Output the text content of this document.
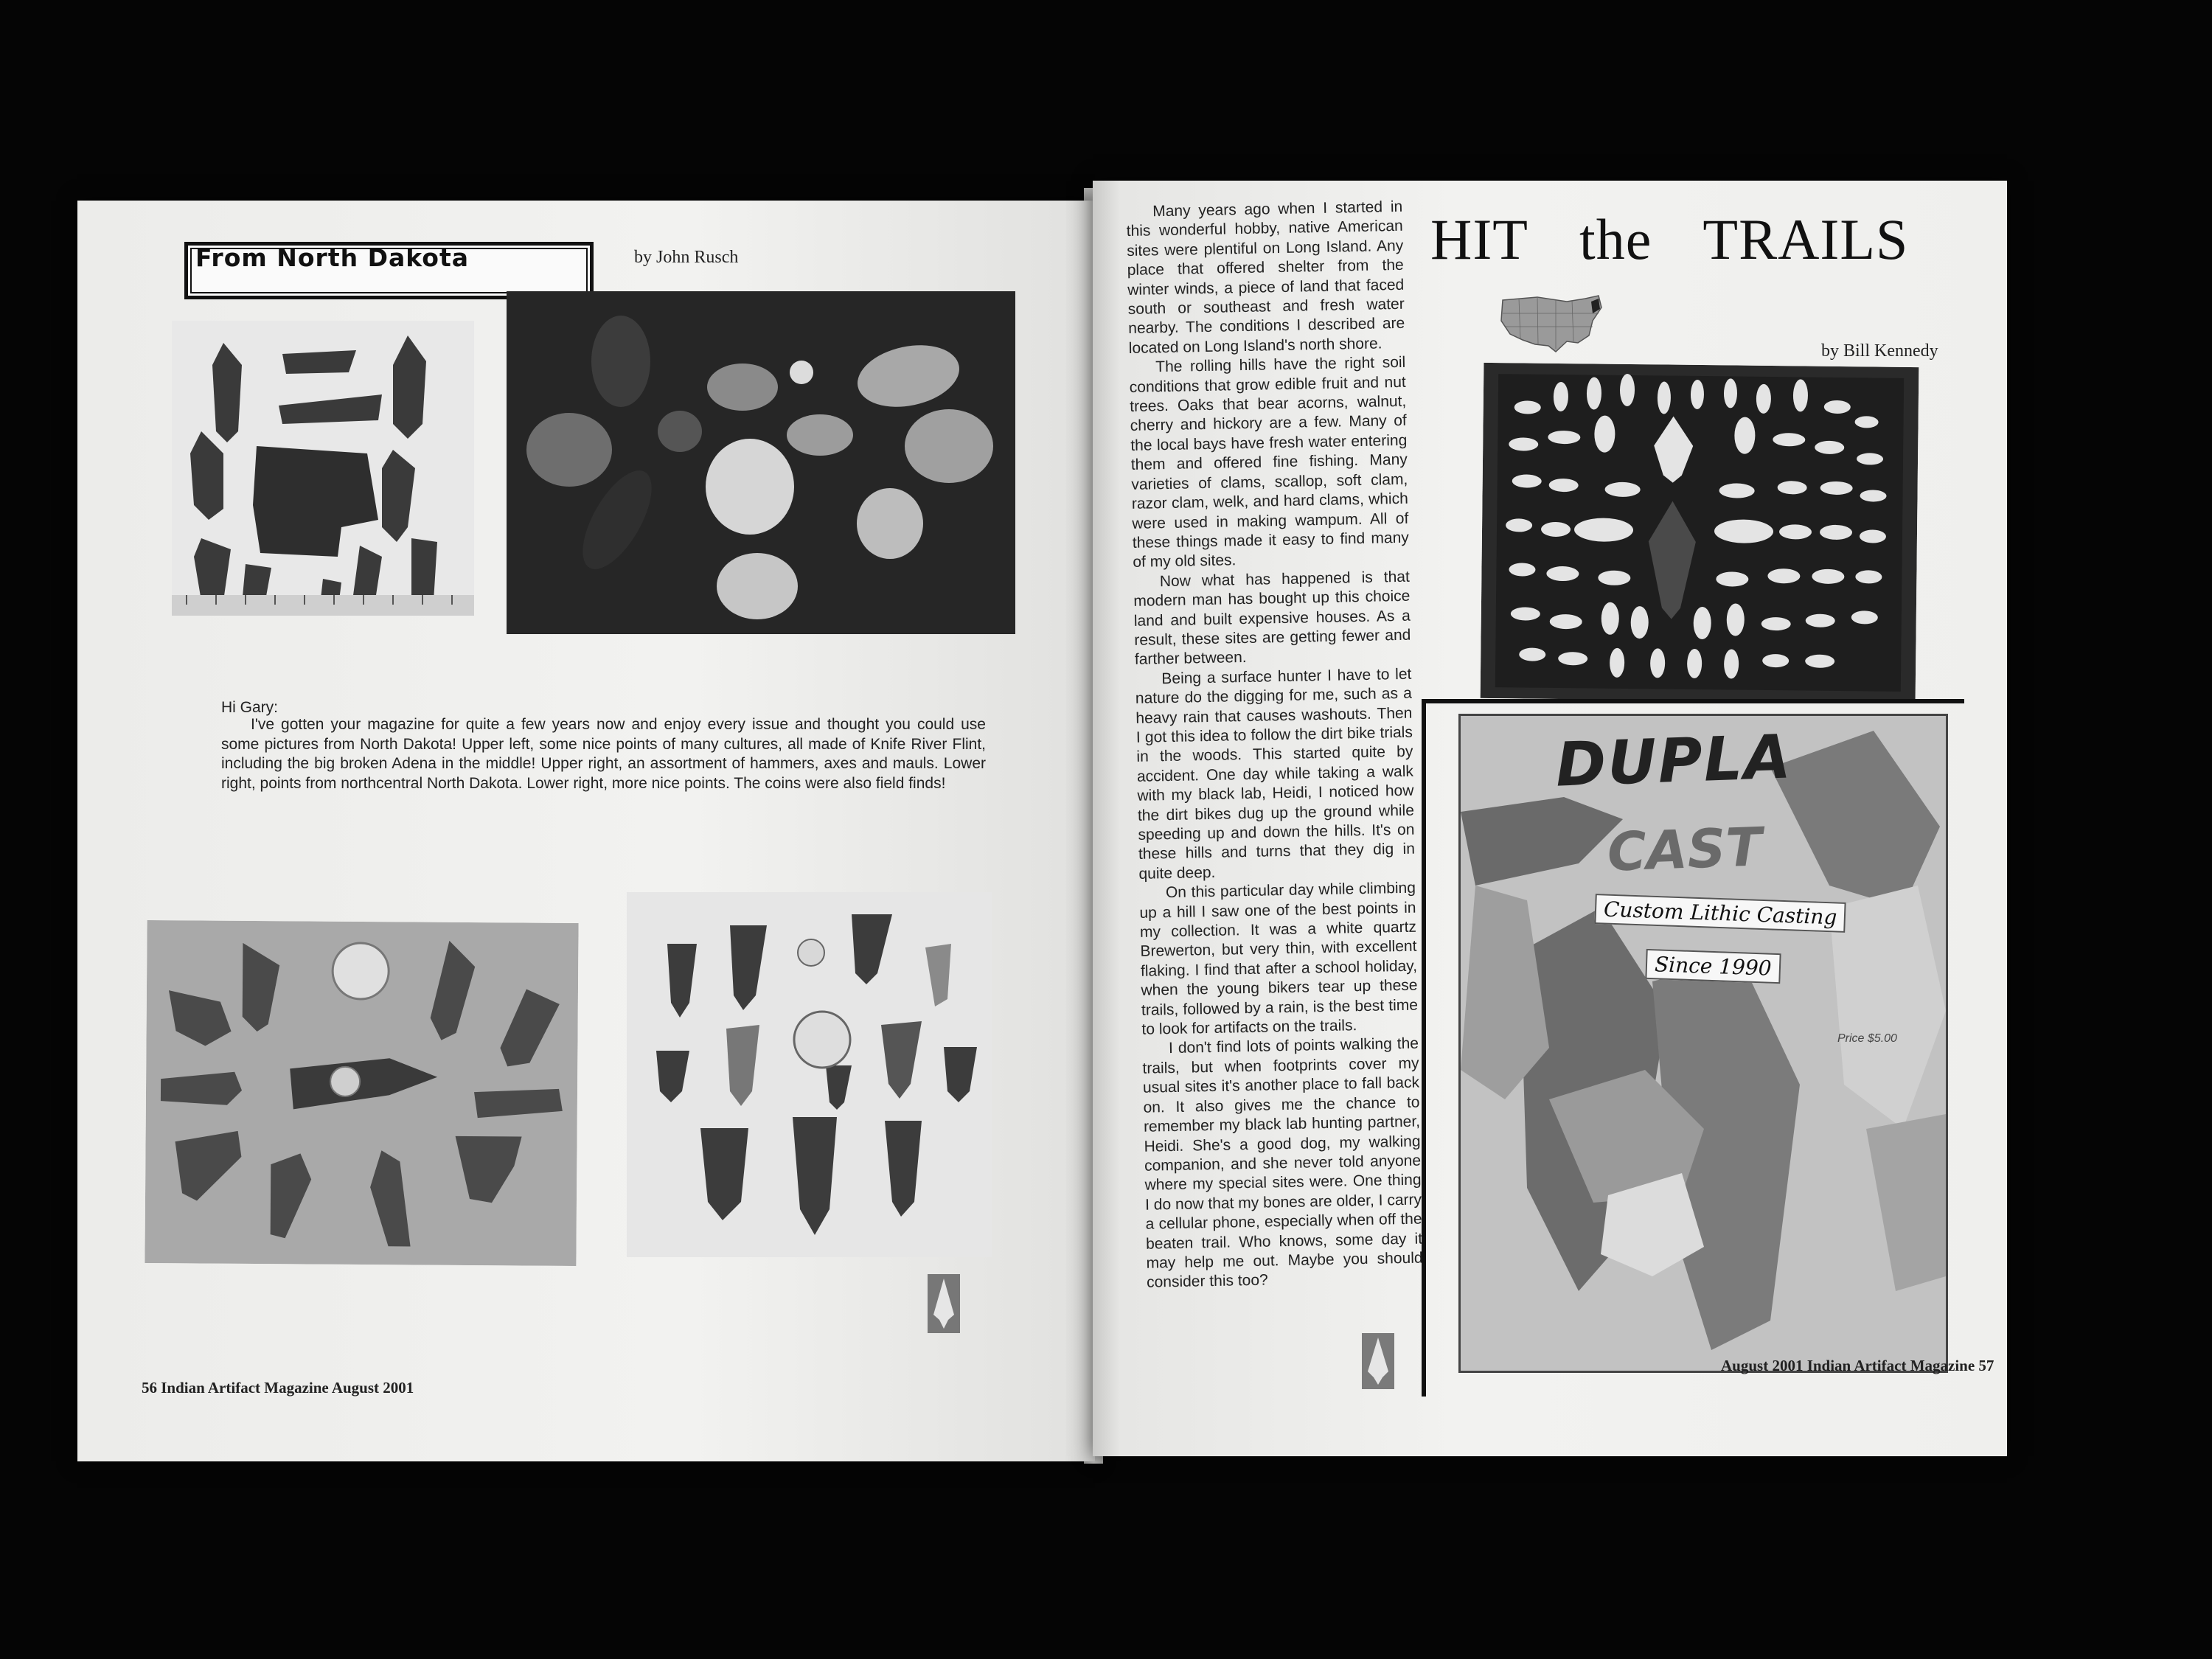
From North Dakota	by John Rusch
Hi Gary:
I've gotten your magazine for quite a few years now and enjoy every issue and thought you could use some pictures from North Dakota! Upper left, some nice points of many cultures, all made of Knife River Flint, including the big broken Adena in the middle! Upper right, an assortment of hammers, axes and mauls. Lower right, points from northcentral North Dakota. Lower right, more nice points. The coins were also field finds!
56 Indian Artifact Magazine August 2001

Many years ago when I started in this wonderful hobby, native American sites were plentiful on Long Island. Any place that offered shelter from the winter winds, a piece of land that faced south or southeast and fresh water nearby. The conditions I described are located on Long Island's north shore.

The rolling hills have the right soil conditions that grow edible fruit and nut trees. Oaks that bear acorns, walnut, cherry and hickory are a few. Many of the local bays have fresh water entering them and offered fine fishing. Many varieties of clams, scallop, soft clam, razor clam, welk, and hard clams, which were used in making wampum. All of these things made it easy to find many of my old sites.

Now what has happened is that modern man has bought up this choice land and built expensive houses. As a result, these sites are getting fewer and farther between.

Being a surface hunter I have to let nature do the digging for me, such as a heavy rain that causes washouts. Then I got this idea to follow the dirt bike trials in the woods. This started quite by accident. One day while taking a walk with my black lab, Heidi, I noticed how the dirt bikes dug up the ground while speeding up and down the hills. It's on these hills and turns that they dig in quite deep.

On this particular day while climbing up a hill I saw one of the best points in my collection. It was a white quartz Brewerton, but very thin, with excellent flaking. I find that after a school holiday, when the young bikers tear up these trails, followed by a rain, is the best time to look for artifacts on the trails.

I don't find lots of points walking the trails, but when footprints cover my usual sites it's another place to fall back on. It also gives me the chance to remember my black lab hunting partner, Heidi. She's a good dog, my walking companion, and she never told anyone where my special sites were. One thing I do now that my bones are older, I carry a cellular phone, especially when off the beaten trail. Who knows, some day it may help me out. Maybe you should consider this too?

HIT the TRAILS
by Bill Kennedy
DUPLA
CAST
Custom Lithic Casting
Since 1990
Price $5.00
August 2001 Indian Artifact Magazine 57
